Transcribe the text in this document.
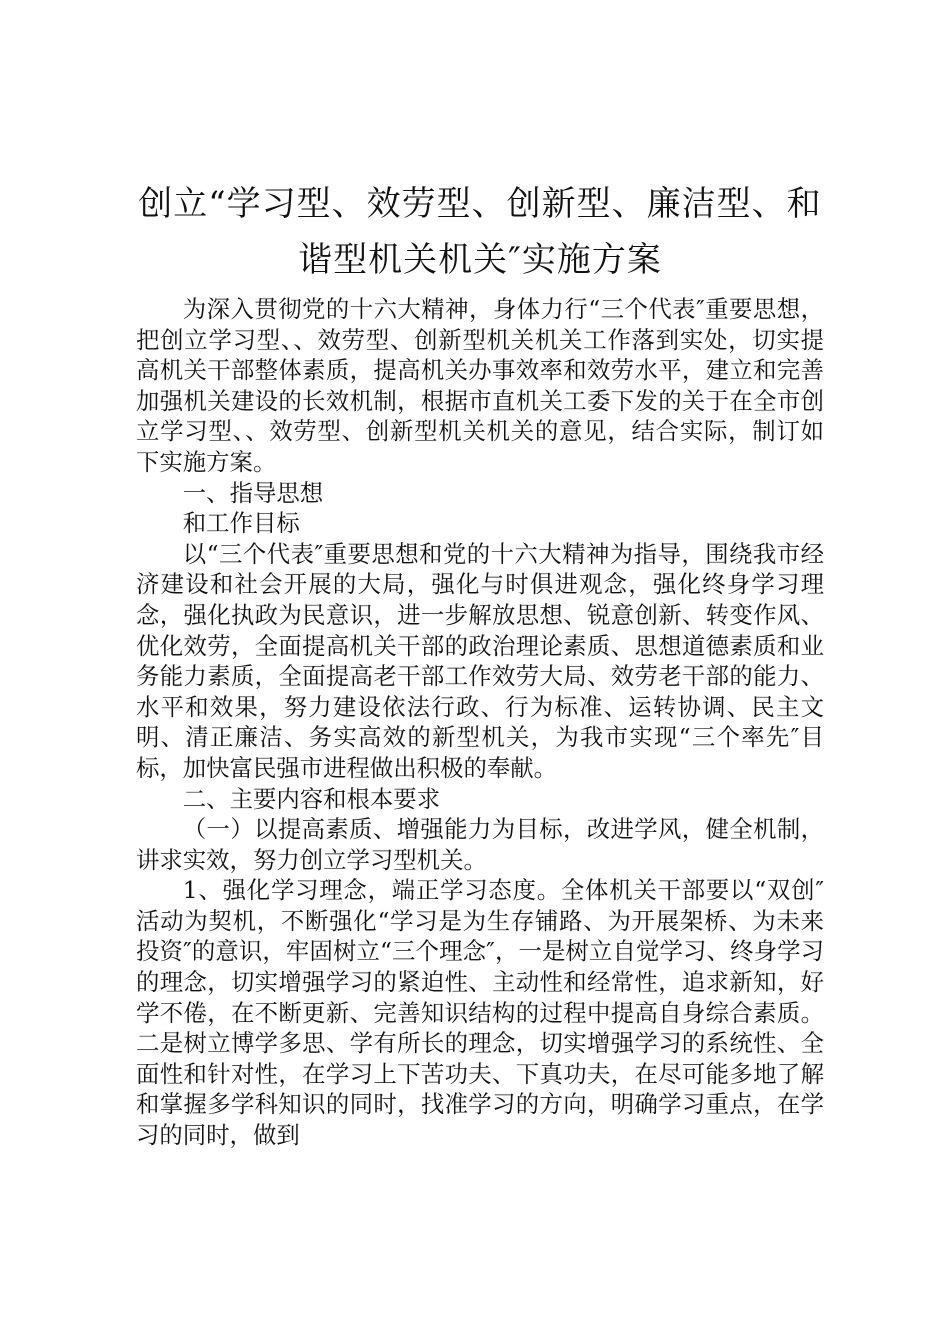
创立“学习型、效劳型、创新型、廉洁型、和
谐型机关机关″实施方案

为深入贯彻党的十六大精神，身体力行“三个代表″重要思想，把创立学习型、、效劳型、创新型机关机关工作落到实处，切实提高机关干部整体素质，提高机关办事效率和效劳水平，建立和完善加强机关建设的长效机制，根据市直机关工委下发的关于在全市创立学习型、、效劳型、创新型机关机关的意见，结合实际，制订如下实施方案。

一、指导思想

和工作目标

以“三个代表″重要思想和党的十六大精神为指导，围绕我市经济建设和社会开展的大局，强化与时俱进观念，强化终身学习理念，强化执政为民意识，进一步解放思想、锐意创新、转变作风、优化效劳，全面提高机关干部的政治理论素质、思想道德素质和业务能力素质，全面提高老干部工作效劳大局、效劳老干部的能力、水平和效果，努力建设依法行政、行为标准、运转协调、民主文明、清正廉洁、务实高效的新型机关，为我市实现“三个率先″目标，加快富民强市进程做出积极的奉献。

二、主要内容和根本要求

（一）以提高素质、增强能力为目标，改进学风，健全机制，讲求实效，努力创立学习型机关。

1、强化学习理念，端正学习态度。全体机关干部要以“双创″活动为契机，不断强化“学习是为生存铺路、为开展架桥、为未来投资″的意识，牢固树立“三个理念″，一是树立自觉学习、终身学习的理念，切实增强学习的紧迫性、主动性和经常性，追求新知，好学不倦，在不断更新、完善知识结构的过程中提高自身综合素质。二是树立博学多思、学有所长的理念，切实增强学习的系统性、全面性和针对性，在学习上下苦功夫、下真功夫，在尽可能多地了解和掌握多学科知识的同时，找准学习的方向，明确学习重点，在学习的同时，做到
